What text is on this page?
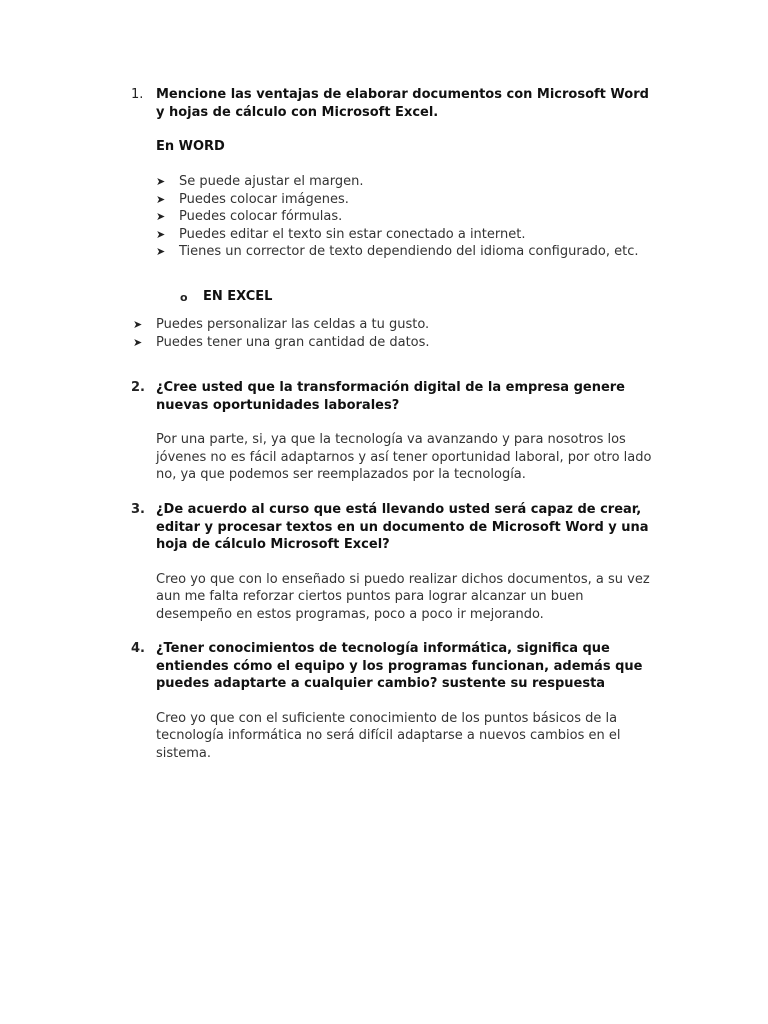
1. Mencione las ventajas de elaborar documentos con Microsoft Word y hojas de cálculo con Microsoft Excel.
En WORD
➤ Se puede ajustar el margen.
➤ Puedes colocar imágenes.
➤ Puedes colocar fórmulas.
➤ Puedes editar el texto sin estar conectado a internet.
➤ Tienes un corrector de texto dependiendo del idioma configurado, etc.
o EN EXCEL
➤ Puedes personalizar las celdas a tu gusto.
➤ Puedes tener una gran cantidad de datos.
2. ¿Cree usted que la transformación digital de la empresa genere nuevas oportunidades laborales?
Por una parte, si, ya que la tecnología va avanzando y para nosotros los jóvenes no es fácil adaptarnos y así tener oportunidad laboral, por otro lado no, ya que podemos ser reemplazados por la tecnología.
3. ¿De acuerdo al curso que está llevando usted será capaz de crear, editar y procesar textos en un documento de Microsoft Word y una hoja de cálculo Microsoft Excel?
Creo yo que con lo enseñado si puedo realizar dichos documentos, a su vez aun me falta reforzar ciertos puntos para lograr alcanzar un buen desempeño en estos programas, poco a poco ir mejorando.
4. ¿Tener conocimientos de tecnología informática, significa que entiendes cómo el equipo y los programas funcionan, además que puedes adaptarte a cualquier cambio? sustente su respuesta
Creo yo que con el suficiente conocimiento de los puntos básicos de la tecnología informática no será difícil adaptarse a nuevos cambios en el sistema.
